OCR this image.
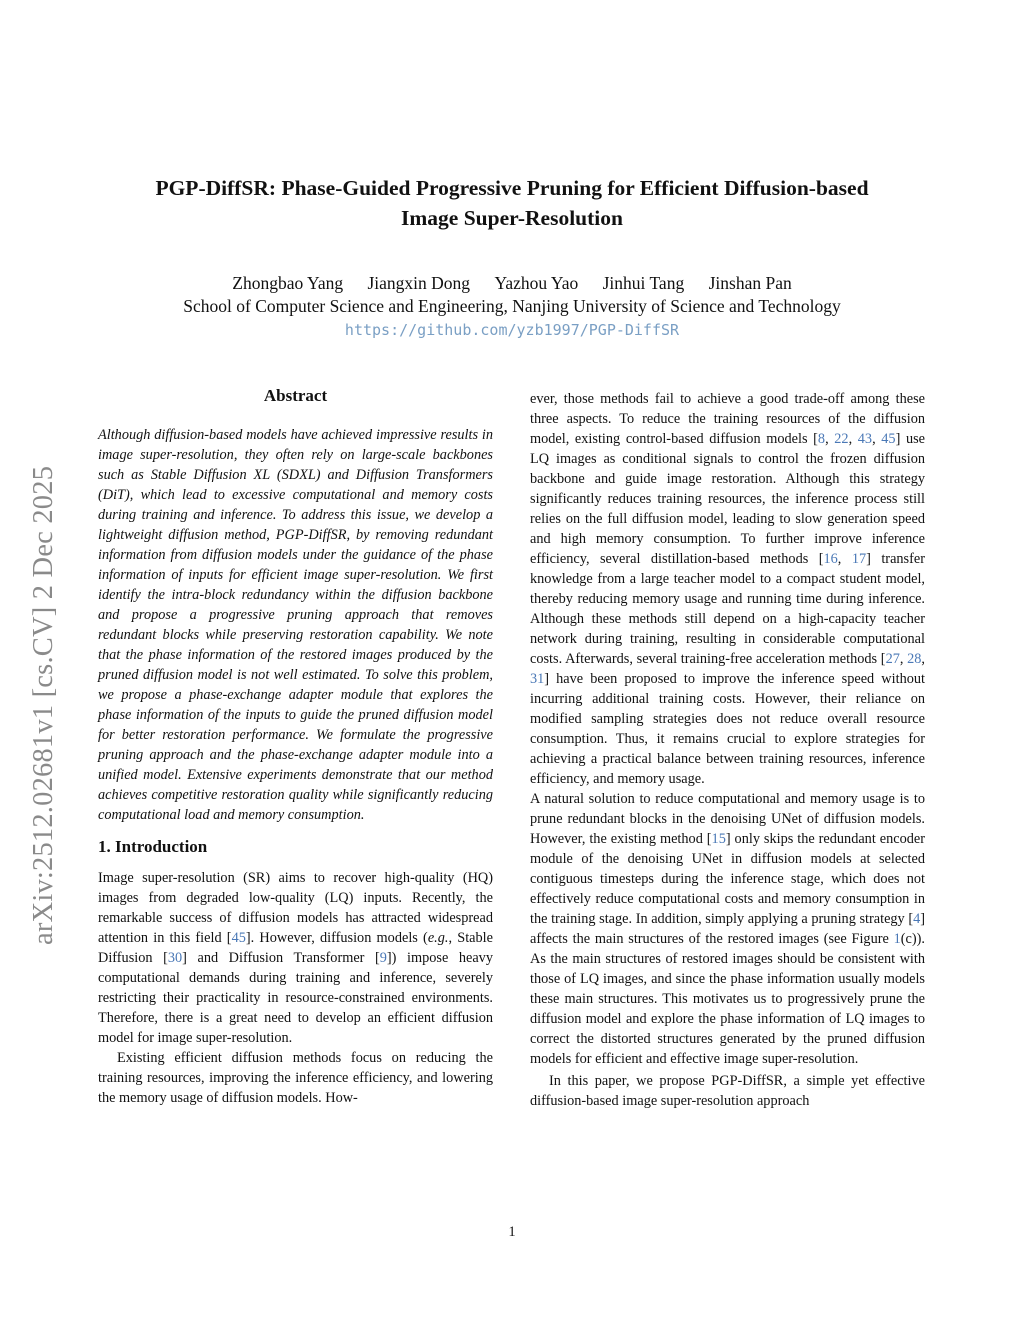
PGP-DiffSR: Phase-Guided Progressive Pruning for Efficient Diffusion-based
Image Super-Resolution
Zhongbao Yang Jiangxin Dong Yazhou Yao Jinhui Tang Jinshan Pan
School of Computer Science and Engineering, Nanjing University of Science and Technology
https://github.com/yzb1997/PGP-DiffSR
arXiv:2512.02681v1 [cs.CV] 2 Dec 2025
Abstract

Although diffusion-based models have achieved impressive results in image super-resolution, they often rely on large-scale backbones such as Stable Diffusion XL (SDXL) and Diffusion Transformers (DiT), which lead to excessive computational and memory costs during training and inference. To address this issue, we develop a lightweight diffusion method, PGP-DiffSR, by removing redundant information from diffusion models under the guidance of the phase information of inputs for efficient image super-resolution. We first identify the intra-block redundancy within the diffusion backbone and propose a progressive pruning approach that removes redundant blocks while preserving restoration capability. We note that the phase information of the restored images produced by the pruned diffusion model is not well estimated. To solve this problem, we propose a phase-exchange adapter module that explores the phase information of the inputs to guide the pruned diffusion model for better restoration performance. We formulate the progressive pruning approach and the phase-exchange adapter module into a unified model. Extensive experiments demonstrate that our method achieves competitive restoration quality while significantly reducing computational load and memory consumption.

1. Introduction

Image super-resolution (SR) aims to recover high-quality (HQ) images from degraded low-quality (LQ) inputs. Recently, the remarkable success of diffusion models has attracted widespread attention in this field [45]. However, diffusion models (e.g., Stable Diffusion [30] and Diffusion Transformer [9]) impose heavy computational demands during training and inference, severely restricting their practicality in resource-constrained environments. Therefore, there is a great need to develop an efficient diffusion model for image super-resolution.

Existing efficient diffusion methods focus on reducing the training resources, improving the inference efficiency, and lowering the memory usage of diffusion models. How-

ever, those methods fail to achieve a good trade-off among these three aspects. To reduce the training resources of the diffusion model, existing control-based diffusion models [8, 22, 43, 45] use LQ images as conditional signals to control the frozen diffusion backbone and guide image restoration. Although this strategy significantly reduces training resources, the inference process still relies on the full diffusion model, leading to slow generation speed and high memory consumption. To further improve inference efficiency, several distillation-based methods [16, 17] transfer knowledge from a large teacher model to a compact student model, thereby reducing memory usage and running time during inference. Although these methods still depend on a high-capacity teacher network during training, resulting in considerable computational costs. Afterwards, several training-free acceleration methods [27, 28, 31] have been proposed to improve the inference speed without incurring additional training costs. However, their reliance on modified sampling strategies does not reduce overall resource consumption. Thus, it remains crucial to explore strategies for achieving a practical balance between training resources, inference efficiency, and memory usage.

A natural solution to reduce computational and memory usage is to prune redundant blocks in the denoising UNet of diffusion models. However, the existing method [15] only skips the redundant encoder module of the denoising UNet in diffusion models at selected contiguous timesteps during the inference stage, which does not effectively reduce computational costs and memory consumption in the training stage. In addition, simply applying a pruning strategy [4] affects the main structures of the restored images (see Figure 1(c)). As the main structures of restored images should be consistent with those of LQ images, and since the phase information usually models these main structures. This motivates us to progressively prune the diffusion model and explore the phase information of LQ images to correct the distorted structures generated by the pruned diffusion models for efficient and effective image super-resolution.

In this paper, we propose PGP-DiffSR, a simple yet effective diffusion-based image super-resolution approach

1
